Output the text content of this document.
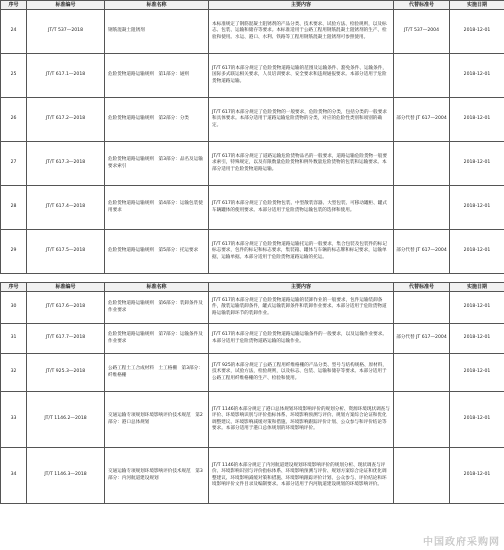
序号	标准编号	标准名称	主要内容	代替标准号	实施日期
24	JT/T 537—2018	钢筋混凝土阻锈剂	本标准规定了钢筋混凝土阻锈剂的产品分类、技术要求、试验方法、检验规则，以及标志、包装、运输和储存等要求。本标准适用于公路工程用钢筋混凝土阻锈剂的生产、检验和使用。水运、港口、水利、铁路等工程用钢筋混凝土阻锈剂可参照使用。	JT/T 537—2004	2018-12-01
25	JT/T 617.1—2018	危险货物道路运输规则　第1部分：通则	JT/T 617的本部分规定了危险货物道路运输的范围及运输条件、豁免条件、运输条件，国际多式联运相关要求，人员培训要求、安全要求和违规通报要求。本部分适用于危险货物道路运输。		2018-12-01
26	JT/T 617.2—2018	危险货物道路运输规则　第2部分：分类	JT/T 617的本部分规定了危险货物的一般要求，危险货物的分类，包括分类的一般要求和具体要求。本部分适用于道路运输危险货物的分类，对应的危险性类别和项别的确定。	部分代替 JT 617—2004	2018-12-01
27	JT/T 617.3—2018	危险货物道路运输规则　第3部分：品名及运输要求索引	JT/T 617的本部分规定了道路运输危险货物品名的一般要求，道路运输危险货物一般要求索引，特殊规定，以及有限数量危险货物和例外数量危险货物的包装和运输要求。本部分适用于危险货物道路运输。		2018-12-01
28	JT/T 617.4—2018	危险货物道路运输规则　第4部分：运输包装使用要求	JT/T 617的本部分规定了危险货物包装、中型散装容器、大型包装、可移动罐柜、罐式车辆罐体的使用要求。本部分适用于危险货物运输包装的选择和使用。		2018-12-01
29	JT/T 617.5—2018	危险货物道路运输规则　第5部分：托运要求	JT/T 617的本部分规定了危险货物道路运输托运的一般要求，集合包装及包装件的标记标志要求，包件的标记和标志要求，集装箱、罐体与车辆的标志牌和标记要求，运输单据，运输单据。本部分适用于危险货物道路运输的托运。	部分代替 JT 617—2004	2018-12-01
序号	标准编号	标准名称	主要内容	代替标准号	实施日期
30	JT/T 617.6—2018	危险货物道路运输规则　第6部分：装卸条件及作业要求	JT/T 617的本部分规定了危险货物道路运输的装卸作业的一般要求，包件运输装卸条件，散装运输装卸条件，罐式运输装卸条件和装卸作业要求。本部分适用于危险货物道路运输装卸环节的装卸作业。		2018-12-01
31	JT/T 617.7—2018	危险货物道路运输规则　第7部分：运输条件及作业要求	JT/T 617的本部分规定了危险货物道路运输运输条件的一般要求，以及运输作业要求。本部分适用于危险货物道路运输的运输作业。	部分代替 JT 617—2004	2018-12-01
32	JT/T 925.3—2018	公路工程土工合成材料　土工格栅　第3部分：纤维格栅	JT/T 925的本部分规定了公路工程用纤维格栅的产品分类、型号与结构规格、原材料，技术要求，试验方法，检验规则，以及标志、包装、运输和储存等要求。本部分适用于公路工程用纤维格栅的生产、检验和使用。		2018-12-01
33	JT/T 1146.2—2018	交通运输专项规划环境影响评价技术规范　第2部分：港口总体规划	JT/T 1146的本部分规定了港口总体规划环境影响评价的规划分析、资源环境现状调查与评价、环境影响识别与评价指标体系、环境影响预测与评价、规划方案综合论证和优化调整建议、环境影响减缓对策和措施、环境影响跟踪评价计划、公众参与和评价结论等要求。本部分适用于港口总体规划的环境影响评价。		2018-12-01
34	JT/T 1146.3—2018	交通运输专项规划环境影响评价技术规范　第3部分：内河航道建设规划	JT/T 1146的本部分规定了内河航道建设规划环境影响评价的规划分析、现状调查与评价、环境影响识别与评价指标体系、环境影响预测与评价、规划方案综合论证和优化调整建议、环境影响减缓对策和措施、环境影响跟踪评价计划、公众参与、评价结论和环境影响评价文件目录及编制要求。本部分适用于内河航道建设规划的环境影响评价。		2018-12-01
中国政府采购网
